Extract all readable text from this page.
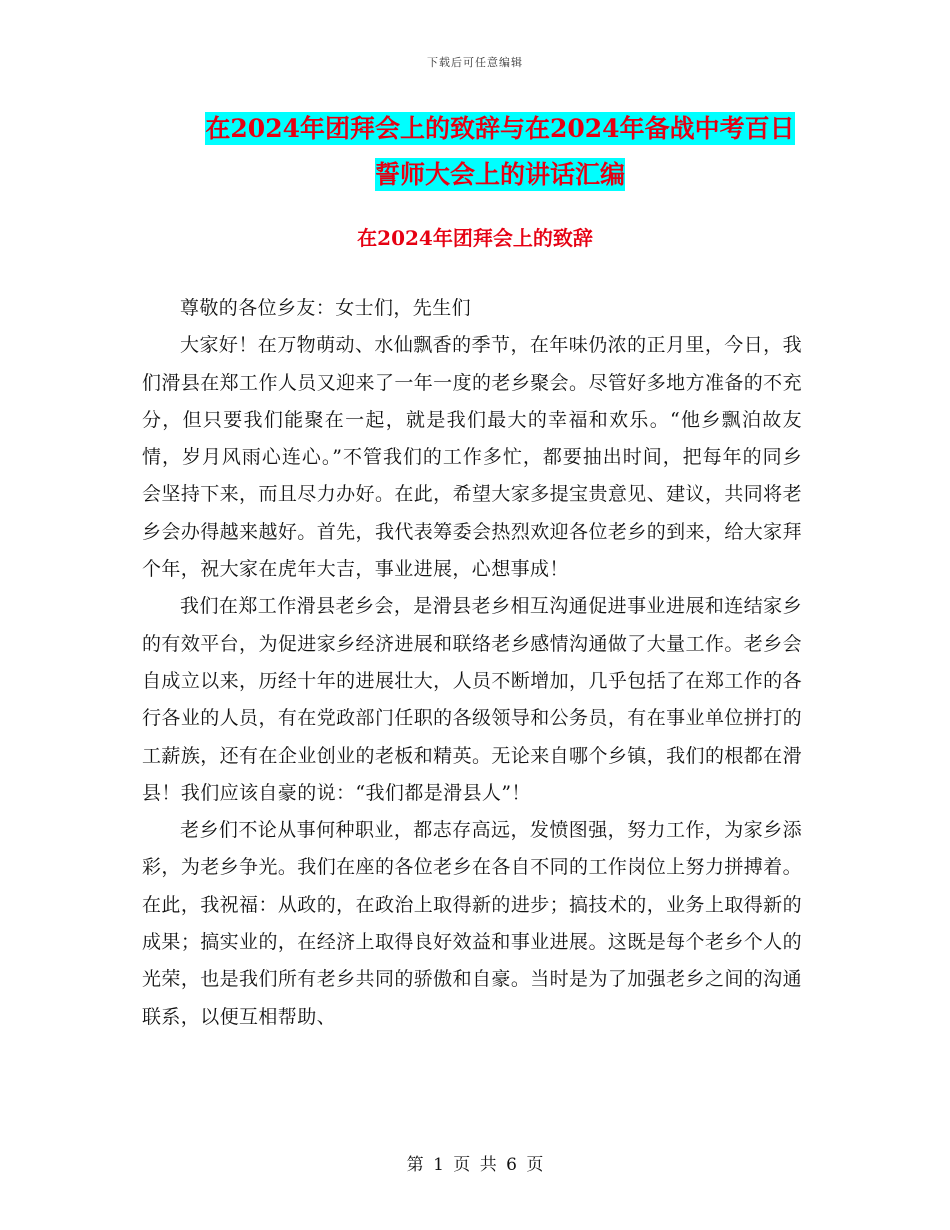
下载后可任意编辑
在2024年团拜会上的致辞与在2024年备战中考百日
誓师大会上的讲话汇编
在2024年团拜会上的致辞

尊敬的各位乡友：女士们，先生们

大家好！在万物萌动、水仙飘香的季节，在年味仍浓的正月里，今日，我们滑县在郑工作人员又迎来了一年一度的老乡聚会。尽管好多地方准备的不充分，但只要我们能聚在一起，就是我们最大的幸福和欢乐。“他乡飘泊故友情，岁月风雨心连心。”不管我们的工作多忙，都要抽出时间，把每年的同乡会坚持下来，而且尽力办好。在此，希望大家多提宝贵意见、建议，共同将老乡会办得越来越好。首先，我代表筹委会热烈欢迎各位老乡的到来，给大家拜个年，祝大家在虎年大吉，事业进展，心想事成！

我们在郑工作滑县老乡会，是滑县老乡相互沟通促进事业进展和连结家乡的有效平台，为促进家乡经济进展和联络老乡感情沟通做了大量工作。老乡会自成立以来，历经十年的进展壮大，人员不断增加，几乎包括了在郑工作的各行各业的人员，有在党政部门任职的各级领导和公务员，有在事业单位拼打的工薪族，还有在企业创业的老板和精英。无论来自哪个乡镇，我们的根都在滑县！我们应该自豪的说：“我们都是滑县人”！

老乡们不论从事何种职业，都志存高远，发愤图强，努力工作，为家乡添彩，为老乡争光。我们在座的各位老乡在各自不同的工作岗位上努力拼搏着。在此，我祝福：从政的，在政治上取得新的进步；搞技术的，业务上取得新的成果；搞实业的，在经济上取得良好效益和事业进展。这既是每个老乡个人的光荣，也是我们所有老乡共同的骄傲和自豪。当时是为了加强老乡之间的沟通联系，以便互相帮助、

第 1 页 共 6 页
